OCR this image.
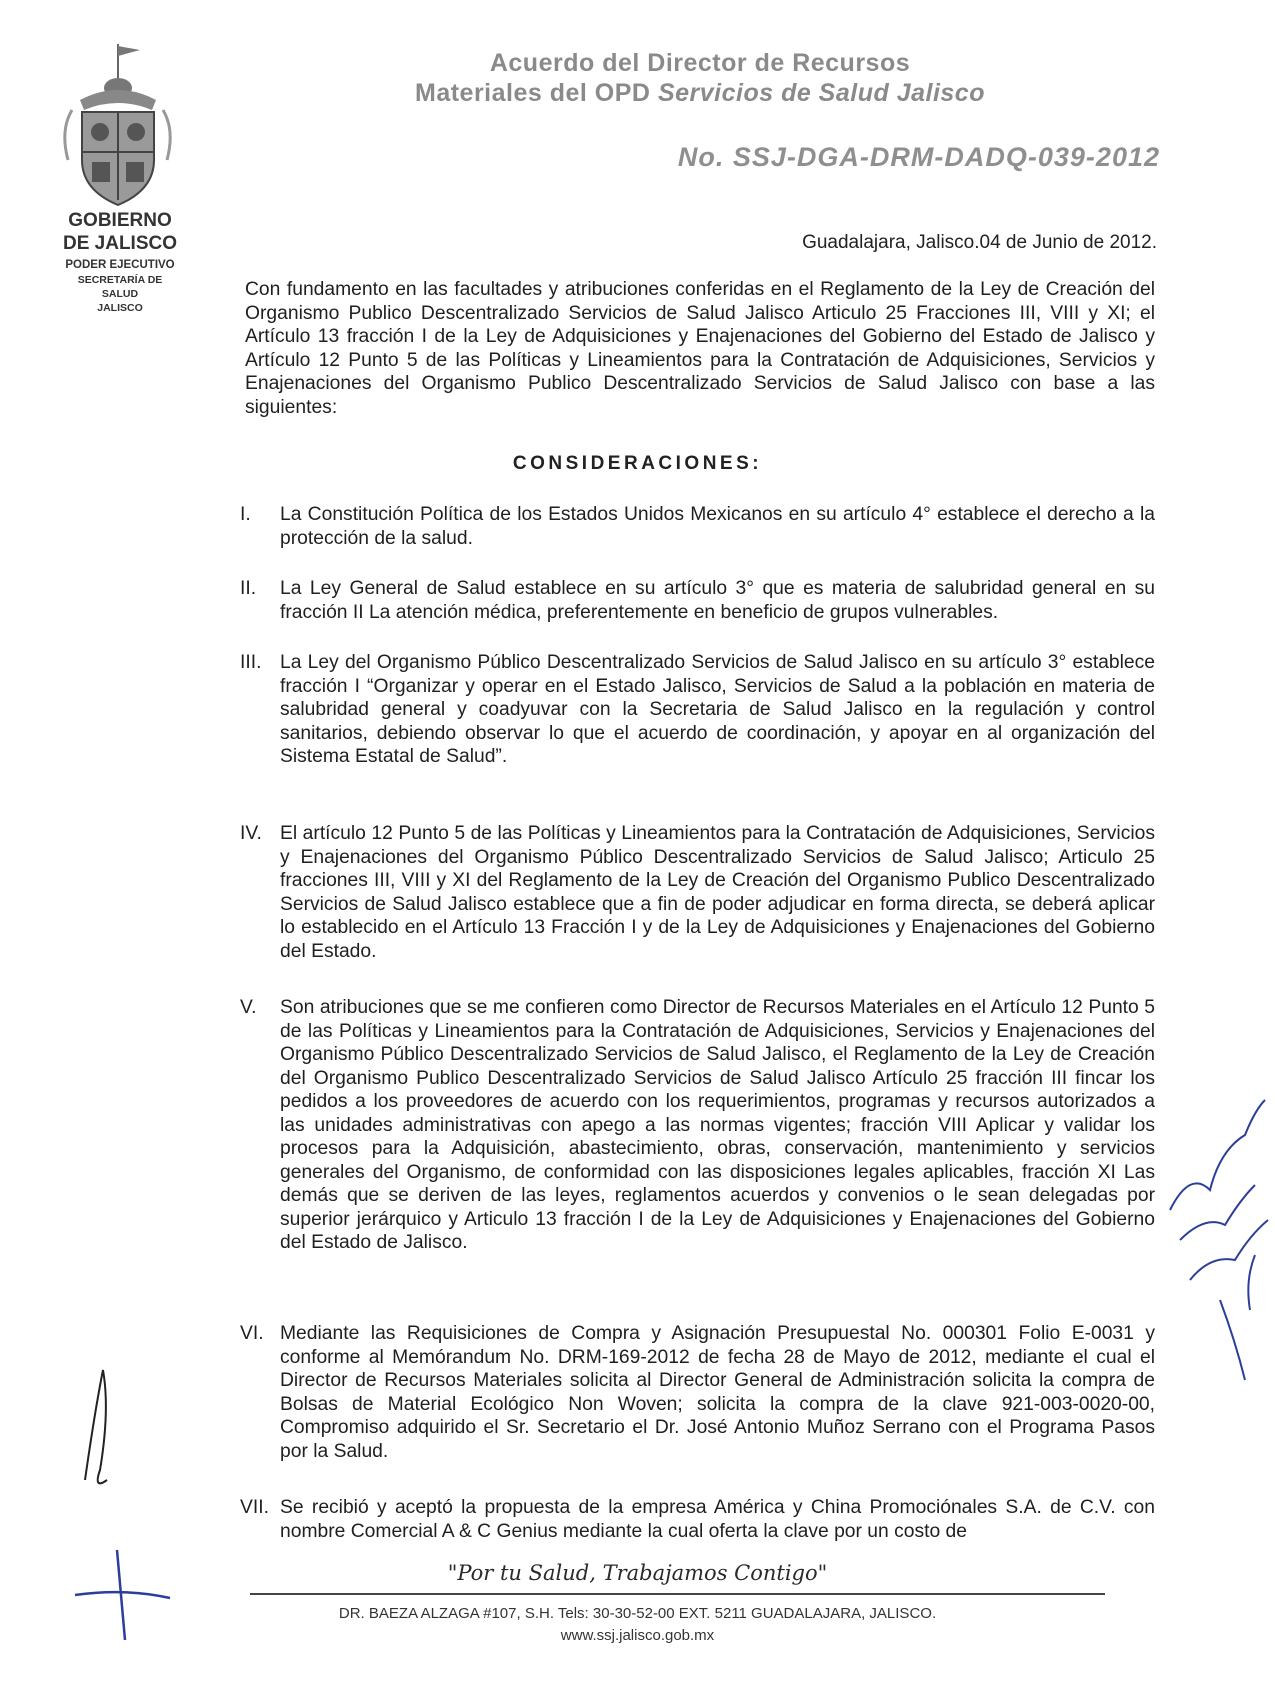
GOBIERNO
DE JALISCO
PODER EJECUTIVO
SECRETARÍA DE
SALUD
JALISCO
Acuerdo del Director de Recursos
Materiales del OPD Servicios de Salud Jalisco
No. SSJ-DGA-DRM-DADQ-039-2012
Guadalajara, Jalisco.04 de Junio de 2012.
Con fundamento en las facultades y atribuciones conferidas en el Reglamento de la Ley de Creación del Organismo Publico Descentralizado Servicios de Salud Jalisco Articulo 25 Fracciones III, VIII y XI; el Artículo 13 fracción I de la Ley de Adquisiciones y Enajenaciones del Gobierno del Estado de Jalisco y Artículo 12 Punto 5 de las Políticas y Lineamientos para la Contratación de Adquisiciones, Servicios y Enajenaciones del Organismo Publico Descentralizado Servicios de Salud Jalisco con base a las siguientes:
CONSIDERACIONES:
I. La Constitución Política de los Estados Unidos Mexicanos en su artículo 4° establece el derecho a la protección de la salud.
II. La Ley General de Salud establece en su artículo 3° que es materia de salubridad general en su fracción II La atención médica, preferentemente en beneficio de grupos vulnerables.
III. La Ley del Organismo Público Descentralizado Servicios de Salud Jalisco en su artículo 3° establece fracción I “Organizar y operar en el Estado Jalisco, Servicios de Salud a la población en materia de salubridad general y coadyuvar con la Secretaria de Salud Jalisco en la regulación y control sanitarios, debiendo observar lo que el acuerdo de coordinación, y apoyar en al organización del Sistema Estatal de Salud”.
IV. El artículo 12 Punto 5 de las Políticas y Lineamientos para la Contratación de Adquisiciones, Servicios y Enajenaciones del Organismo Público Descentralizado Servicios de Salud Jalisco; Articulo 25 fracciones III, VIII y XI del Reglamento de la Ley de Creación del Organismo Publico Descentralizado Servicios de Salud Jalisco establece que a fin de poder adjudicar en forma directa, se deberá aplicar lo establecido en el Artículo 13 Fracción I y de la Ley de Adquisiciones y Enajenaciones del Gobierno del Estado.
V. Son atribuciones que se me confieren como Director de Recursos Materiales en el Artículo 12 Punto 5 de las Políticas y Lineamientos para la Contratación de Adquisiciones, Servicios y Enajenaciones del Organismo Público Descentralizado Servicios de Salud Jalisco, el Reglamento de la Ley de Creación del Organismo Publico Descentralizado Servicios de Salud Jalisco Artículo 25 fracción III fincar los pedidos a los proveedores de acuerdo con los requerimientos, programas y recursos autorizados a las unidades administrativas con apego a las normas vigentes; fracción VIII Aplicar y validar los procesos para la Adquisición, abastecimiento, obras, conservación, mantenimiento y servicios generales del Organismo, de conformidad con las disposiciones legales aplicables, fracción XI Las demás que se deriven de las leyes, reglamentos acuerdos y convenios o le sean delegadas por superior jerárquico y Articulo 13 fracción I de la Ley de Adquisiciones y Enajenaciones del Gobierno del Estado de Jalisco.
VI. Mediante las Requisiciones de Compra y Asignación Presupuestal No. 000301 Folio E-0031 y conforme al Memórandum No. DRM-169-2012 de fecha 28 de Mayo de 2012, mediante el cual el Director de Recursos Materiales solicita al Director General de Administración solicita la compra de Bolsas de Material Ecológico Non Woven; solicita la compra de la clave 921-003-0020-00, Compromiso adquirido el Sr. Secretario el Dr. José Antonio Muñoz Serrano con el Programa Pasos por la Salud.
VII. Se recibió y aceptó la propuesta de la empresa América y China Promociónales S.A. de C.V. con nombre Comercial A & C Genius mediante la cual oferta la clave por un costo de
"Por tu Salud, Trabajamos Contigo"
DR. BAEZA ALZAGA #107, S.H. Tels: 30-30-52-00 EXT. 5211 GUADALAJARA, JALISCO.
www.ssj.jalisco.gob.mx
